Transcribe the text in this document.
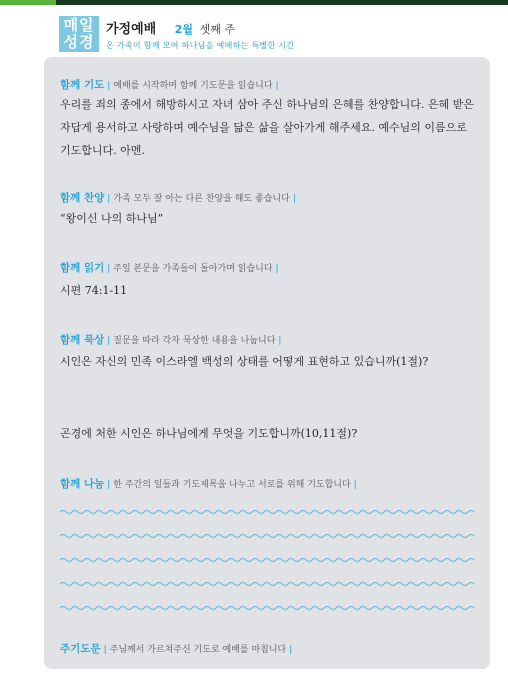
매일
성경
가정예배 2월 셋째 주
온 가족이 함께 모여 하나님을 예배하는 특별한 시간
함께 기도 | 예배를 시작하며 함께 기도문을 읽습니다 |
우리를 죄의 종에서 해방하시고 자녀 삼아 주신 하나님의 은혜를 찬양합니다. 은혜 받은 자답게 용서하고 사랑하며 예수님을 닮은 삶을 살아가게 해주세요. 예수님의 이름으로 기도합니다. 아멘.
함께 찬양 | 가족 모두 잘 아는 다른 찬양을 해도 좋습니다 |
“왕이신 나의 하나님”
함께 읽기 | 주일 본문을 가족들이 돌아가며 읽습니다 |
시편 74:1-11
함께 묵상 | 질문을 따라 각자 묵상한 내용을 나눕니다 |
시인은 자신의 민족 이스라엘 백성의 상태를 어떻게 표현하고 있습니까(1절)?
곤경에 처한 시인은 하나님에게 무엇을 기도합니까(10,11절)?
함께 나눔 | 한 주간의 일들과 기도제목을 나누고 서로를 위해 기도합니다 |
주기도문 | 주님께서 가르쳐주신 기도로 예배를 마칩니다 |
